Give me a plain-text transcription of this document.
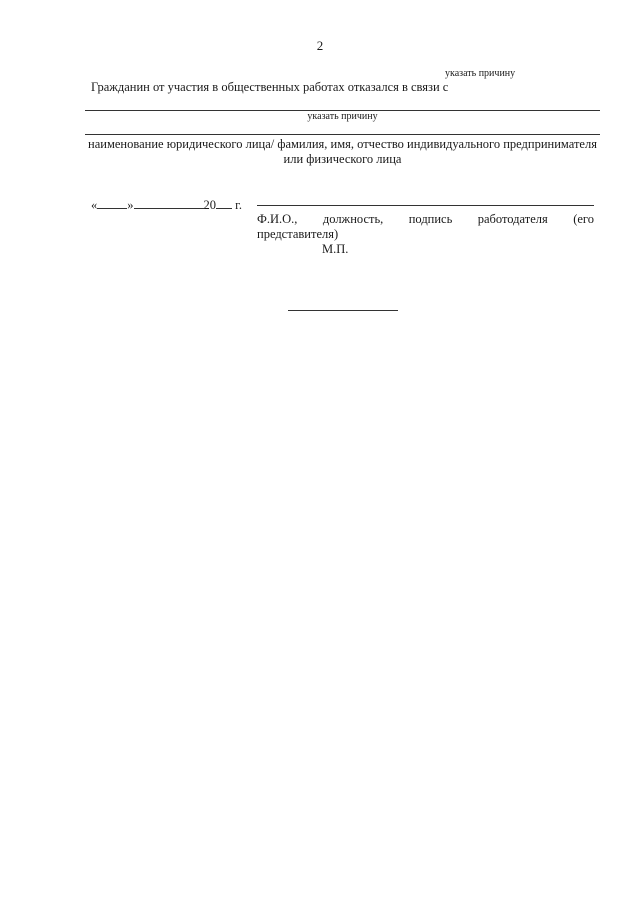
2
указать причину
Гражданин от участия в общественных работах отказался в связи с
указать причину
наименование юридического лица/ фамилия, имя, отчество индивидуального предпринимателя или физического лица
« »	20 г.
Ф.И.О., должность, подпись работодателя (его
представителя)
М.П.
